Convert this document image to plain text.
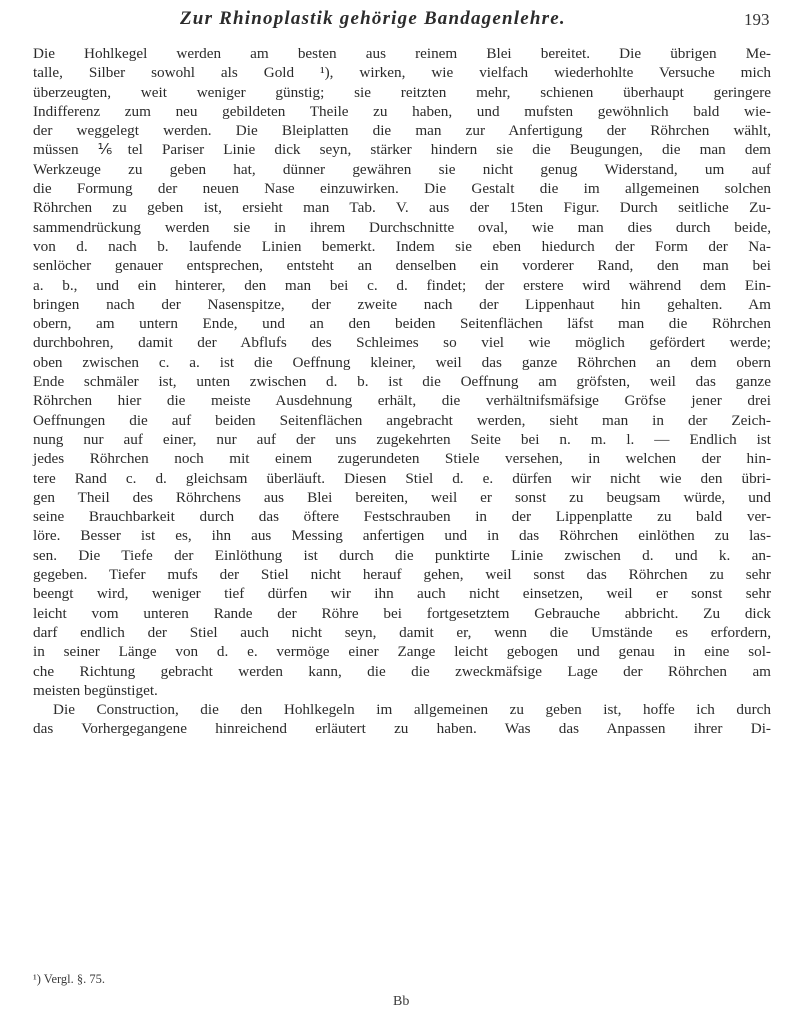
Zur Rhinoplastik gehörige Bandagenlehre.	193
Die Hohlkegel werden am besten aus reinem Blei bereitet. Die übrigen Me-
talle, Silber sowohl als Gold ¹), wirken, wie vielfach wiederhohlte Versuche mich
überzeugten, weit weniger günstig; sie reitzten mehr, schienen überhaupt geringere
Indifferenz zum neu gebildeten Theile zu haben, und mufsten gewöhnlich bald wie-
der weggelegt werden. Die Bleiplatten die man zur Anfertigung der Röhrchen wählt,
müssen ⅙tel Pariser Linie dick seyn, stärker hindern sie die Beugungen, die man dem
Werkzeuge zu geben hat, dünner gewähren sie nicht genug Widerstand, um auf
die Formung der neuen Nase einzuwirken. Die Gestalt die im allgemeinen solchen
Röhrchen zu geben ist, ersieht man Tab. V. aus der 15ten Figur. Durch seitliche Zu-
sammendrückung werden sie in ihrem Durchschnitte oval, wie man dies durch beide,
von d. nach b. laufende Linien bemerkt. Indem sie eben hiedurch der Form der Na-
senlöcher genauer entsprechen, entsteht an denselben ein vorderer Rand, den man bei
a. b., und ein hinterer, den man bei c. d. findet; der erstere wird während dem Ein-
bringen nach der Nasenspitze, der zweite nach der Lippenhaut hin gehalten. Am
obern, am untern Ende, und an den beiden Seitenflächen läfst man die Röhrchen
durchbohren, damit der Abflufs des Schleimes so viel wie möglich gefördert werde;
oben zwischen c. a. ist die Oeffnung kleiner, weil das ganze Röhrchen an dem obern
Ende schmäler ist, unten zwischen d. b. ist die Oeffnung am gröfsten, weil das ganze
Röhrchen hier die meiste Ausdehnung erhält, die verhältnifsmäfsige Gröfse jener drei
Oeffnungen die auf beiden Seitenflächen angebracht werden, sieht man in der Zeich-
nung nur auf einer, nur auf der uns zugekehrten Seite bei n. m. l. — Endlich ist
jedes Röhrchen noch mit einem zugerundeten Stiele versehen, in welchen der hin-
tere Rand c. d. gleichsam überläuft. Diesen Stiel d. e. dürfen wir nicht wie den übri-
gen Theil des Röhrchens aus Blei bereiten, weil er sonst zu beugsam würde, und
seine Brauchbarkeit durch das öftere Festschrauben in der Lippenplatte zu bald ver-
löre. Besser ist es, ihn aus Messing anfertigen und in das Röhrchen einlöthen zu las-
sen. Die Tiefe der Einlöthung ist durch die punktirte Linie zwischen d. und k. an-
gegeben. Tiefer mufs der Stiel nicht herauf gehen, weil sonst das Röhrchen zu sehr
beengt wird, weniger tief dürfen wir ihn auch nicht einsetzen, weil er sonst sehr
leicht vom unteren Rande der Röhre bei fortgesetztem Gebrauche abbricht. Zu dick
darf endlich der Stiel auch nicht seyn, damit er, wenn die Umstände es erfordern,
in seiner Länge von d. e. vermöge einer Zange leicht gebogen und genau in eine sol-
che Richtung gebracht werden kann, die die zweckmäfsige Lage der Röhrchen am
meisten begünstiget.
Die Construction, die den Hohlkegeln im allgemeinen zu geben ist, hoffe ich durch
das Vorhergegangene hinreichend erläutert zu haben. Was das Anpassen ihrer Di-
¹) Vergl. §. 75.
Bb
